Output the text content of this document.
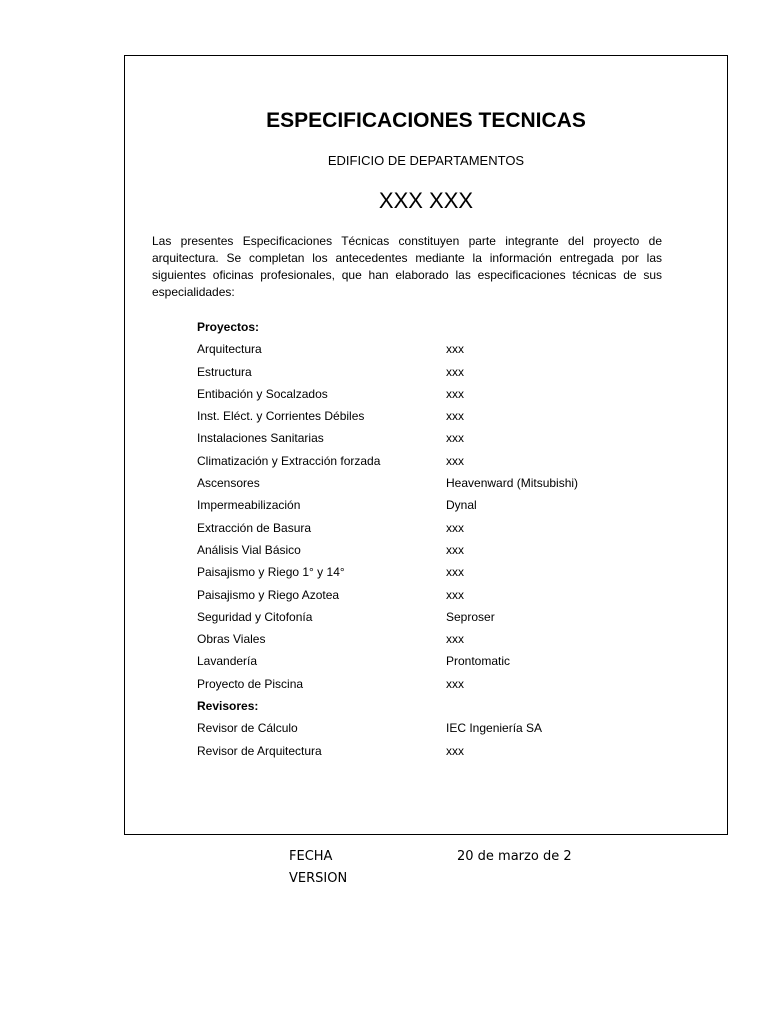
ESPECIFICACIONES TECNICAS
EDIFICIO DE DEPARTAMENTOS
XXX XXX

Las presentes Especificaciones Técnicas constituyen parte integrante del proyecto de arquitectura. Se completan los antecedentes mediante la información entregada por las siguientes oficinas profesionales, que han elaborado las especificaciones técnicas de sus especialidades:

Proyectos:
Arquitectura	xxx
Estructura	xxx
Entibación y Socalzados	xxx
Inst. Eléct. y Corrientes Débiles	xxx
Instalaciones Sanitarias	xxx
Climatización y Extracción forzada	xxx
Ascensores	Heavenward (Mitsubishi)
Impermeabilización	Dynal
Extracción de Basura	xxx
Análisis Vial Básico	xxx
Paisajismo y Riego 1° y 14°	xxx
Paisajismo y Riego Azotea	xxx
Seguridad y Citofonía	Seproser
Obras Viales	xxx
Lavandería	Prontomatic
Proyecto de Piscina	xxx
Revisores:
Revisor de Cálculo	IEC Ingeniería SA
Revisor de Arquitectura	xxx
FECHA	20 de marzo de 2
VERSION
